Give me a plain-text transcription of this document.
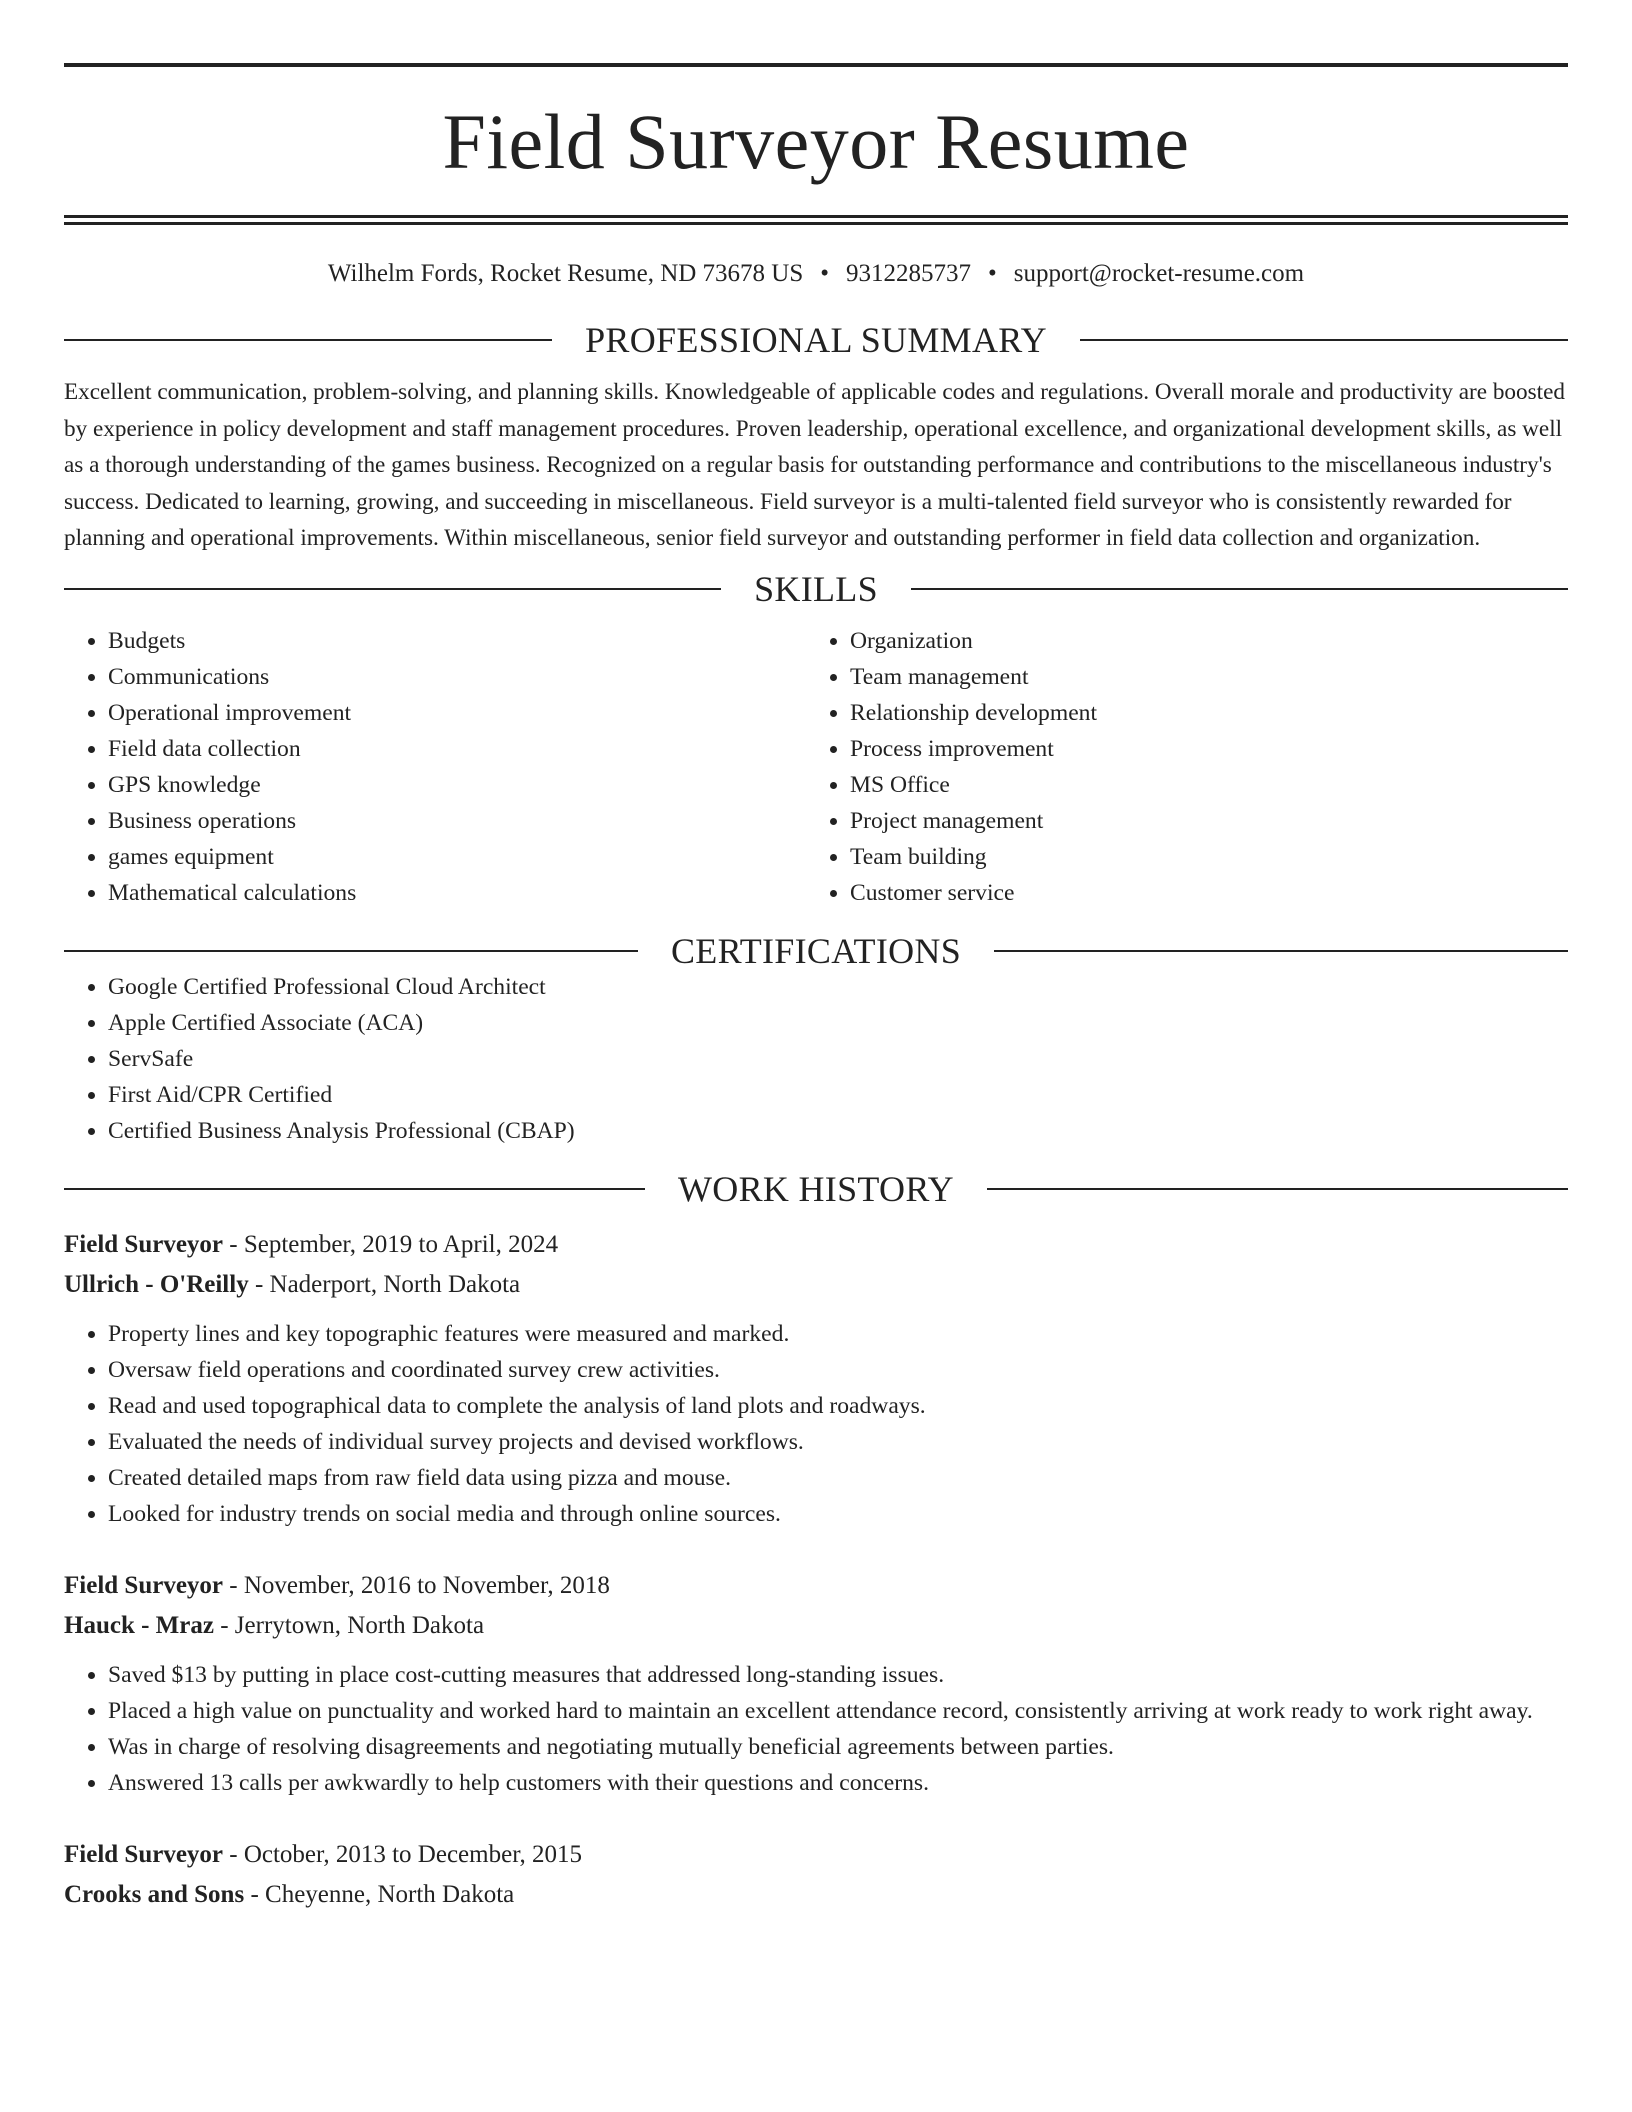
Field Surveyor Resume
Wilhelm Fords, Rocket Resume, ND 73678 US • 9312285737 • support@rocket-resume.com
PROFESSIONAL SUMMARY

Excellent communication, problem-solving, and planning skills. Knowledgeable of applicable codes and regulations. Overall morale and productivity are boosted by experience in policy development and staff management procedures. Proven leadership, operational excellence, and organizational development skills, as well as a thorough understanding of the games business. Recognized on a regular basis for outstanding performance and contributions to the miscellaneous industry's success. Dedicated to learning, growing, and succeeding in miscellaneous. Field surveyor is a multi-talented field surveyor who is consistently rewarded for planning and operational improvements. Within miscellaneous, senior field surveyor and outstanding performer in field data collection and organization.

SKILLS
• Budgets
• Communications
• Operational improvement
• Field data collection
• GPS knowledge
• Business operations
• games equipment
• Mathematical calculations
• Organization
• Team management
• Relationship development
• Process improvement
• MS Office
• Project management
• Team building
• Customer service
CERTIFICATIONS
• Google Certified Professional Cloud Architect
• Apple Certified Associate (ACA)
• ServSafe
• First Aid/CPR Certified
• Certified Business Analysis Professional (CBAP)
WORK HISTORY
Field Surveyor - September, 2019 to April, 2024
Ullrich - O'Reilly - Naderport, North Dakota
• Property lines and key topographic features were measured and marked.
• Oversaw field operations and coordinated survey crew activities.
• Read and used topographical data to complete the analysis of land plots and roadways.
• Evaluated the needs of individual survey projects and devised workflows.
• Created detailed maps from raw field data using pizza and mouse.
• Looked for industry trends on social media and through online sources.
Field Surveyor - November, 2016 to November, 2018
Hauck - Mraz - Jerrytown, North Dakota
• Saved $13 by putting in place cost-cutting measures that addressed long-standing issues.
• Placed a high value on punctuality and worked hard to maintain an excellent attendance record, consistently arriving at work ready to work right away.
• Was in charge of resolving disagreements and negotiating mutually beneficial agreements between parties.
• Answered 13 calls per awkwardly to help customers with their questions and concerns.
Field Surveyor - October, 2013 to December, 2015
Crooks and Sons - Cheyenne, North Dakota
